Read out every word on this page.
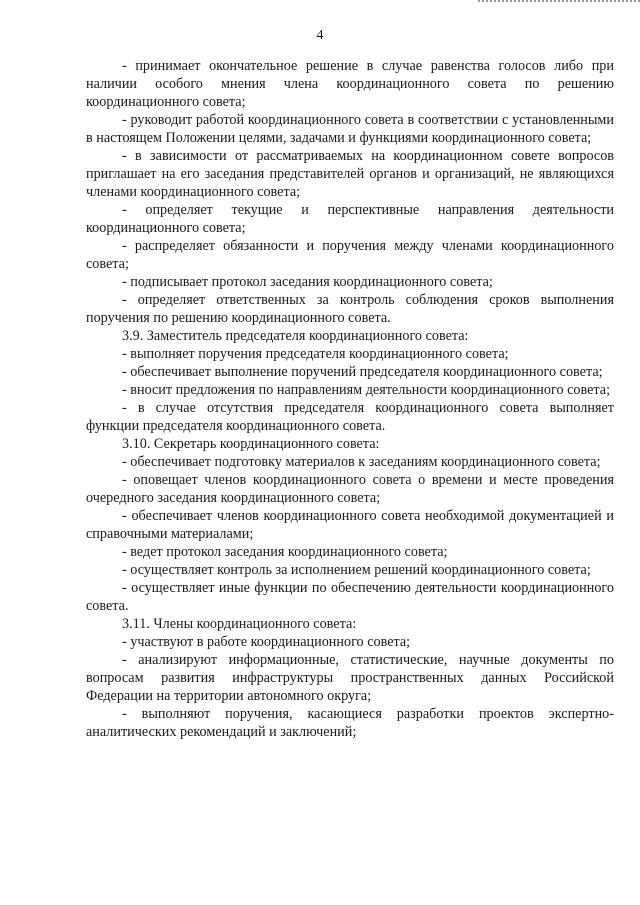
4

- принимает окончательное решение в случае равенства голосов либо при наличии особого мнения члена координационного совета по решению координационного совета;

- руководит работой координационного совета в соответствии с установленными в настоящем Положении целями, задачами и функциями координационного совета;

- в зависимости от рассматриваемых на координационном совете вопросов приглашает на его заседания представителей органов и организаций, не являющихся членами координационного совета;

- определяет текущие и перспективные направления деятельности координационного совета;

- распределяет обязанности и поручения между членами координационного совета;

- подписывает протокол заседания координационного совета;

- определяет ответственных за контроль соблюдения сроков выполнения поручения по решению координационного совета.

3.9. Заместитель председателя координационного совета:

- выполняет поручения председателя координационного совета;

- обеспечивает выполнение поручений председателя координационного совета;

- вносит предложения по направлениям деятельности координационного совета;

- в случае отсутствия председателя координационного совета выполняет функции председателя координационного совета.

3.10. Секретарь координационного совета:

- обеспечивает подготовку материалов к заседаниям координационного совета;

- оповещает членов координационного совета о времени и месте проведения очередного заседания координационного совета;

- обеспечивает членов координационного совета необходимой документацией и справочными материалами;

- ведет протокол заседания координационного совета;

- осуществляет контроль за исполнением решений координационного совета;

- осуществляет иные функции по обеспечению деятельности координационного совета.

3.11. Члены координационного совета:

- участвуют в работе координационного совета;

- анализируют информационные, статистические, научные документы по вопросам развития инфраструктуры пространственных данных Российской Федерации на территории автономного округа;

- выполняют поручения, касающиеся разработки проектов экспертно-аналитических рекомендаций и заключений;
